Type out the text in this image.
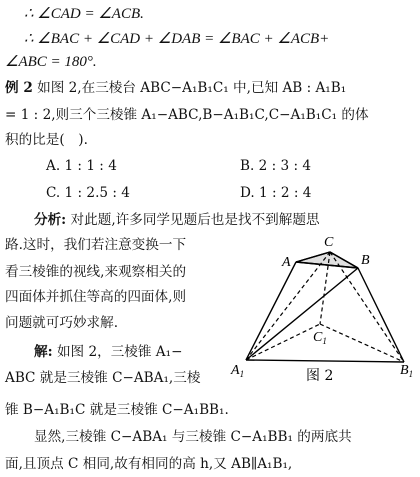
∴ ∠CAD = ∠ACB.
∴ ∠BAC + ∠CAD + ∠DAB = ∠BAC + ∠ACB+
∠ABC = 180°.
例 2 如图 2,在三棱台 ABC−A₁B₁C₁ 中,已知 AB : A₁B₁
= 1 : 2,则三个三棱锥 A₁−ABC,B−A₁B₁C,C−A₁B₁C₁ 的体
积的比是(　).
A. 1 : 1 : 4	B. 2 : 3 : 4
C. 1 : 2.5 : 4	D. 1 : 2 : 4
分析: 对此题,许多同学见题后也是找不到解题思
路.这时，我们若注意变换一下
看三棱锥的视线,来观察相关的
四面体并抓住等高的四面体,则
问题就可巧妙求解.
解: 如图 2，三棱锥 A₁−
ABC 就是三棱锥 C−ABA₁,三棱
锥 B−A₁B₁C 就是三棱锥 C−A₁BB₁.
显然,三棱锥 C−ABA₁ 与三棱锥 C−A₁BB₁ 的两底共
面,且顶点 C 相同,故有相同的高 h,又 AB∥A₁B₁,
C
A	B
$C_1$
$A_1$	$B_1$
图 2
